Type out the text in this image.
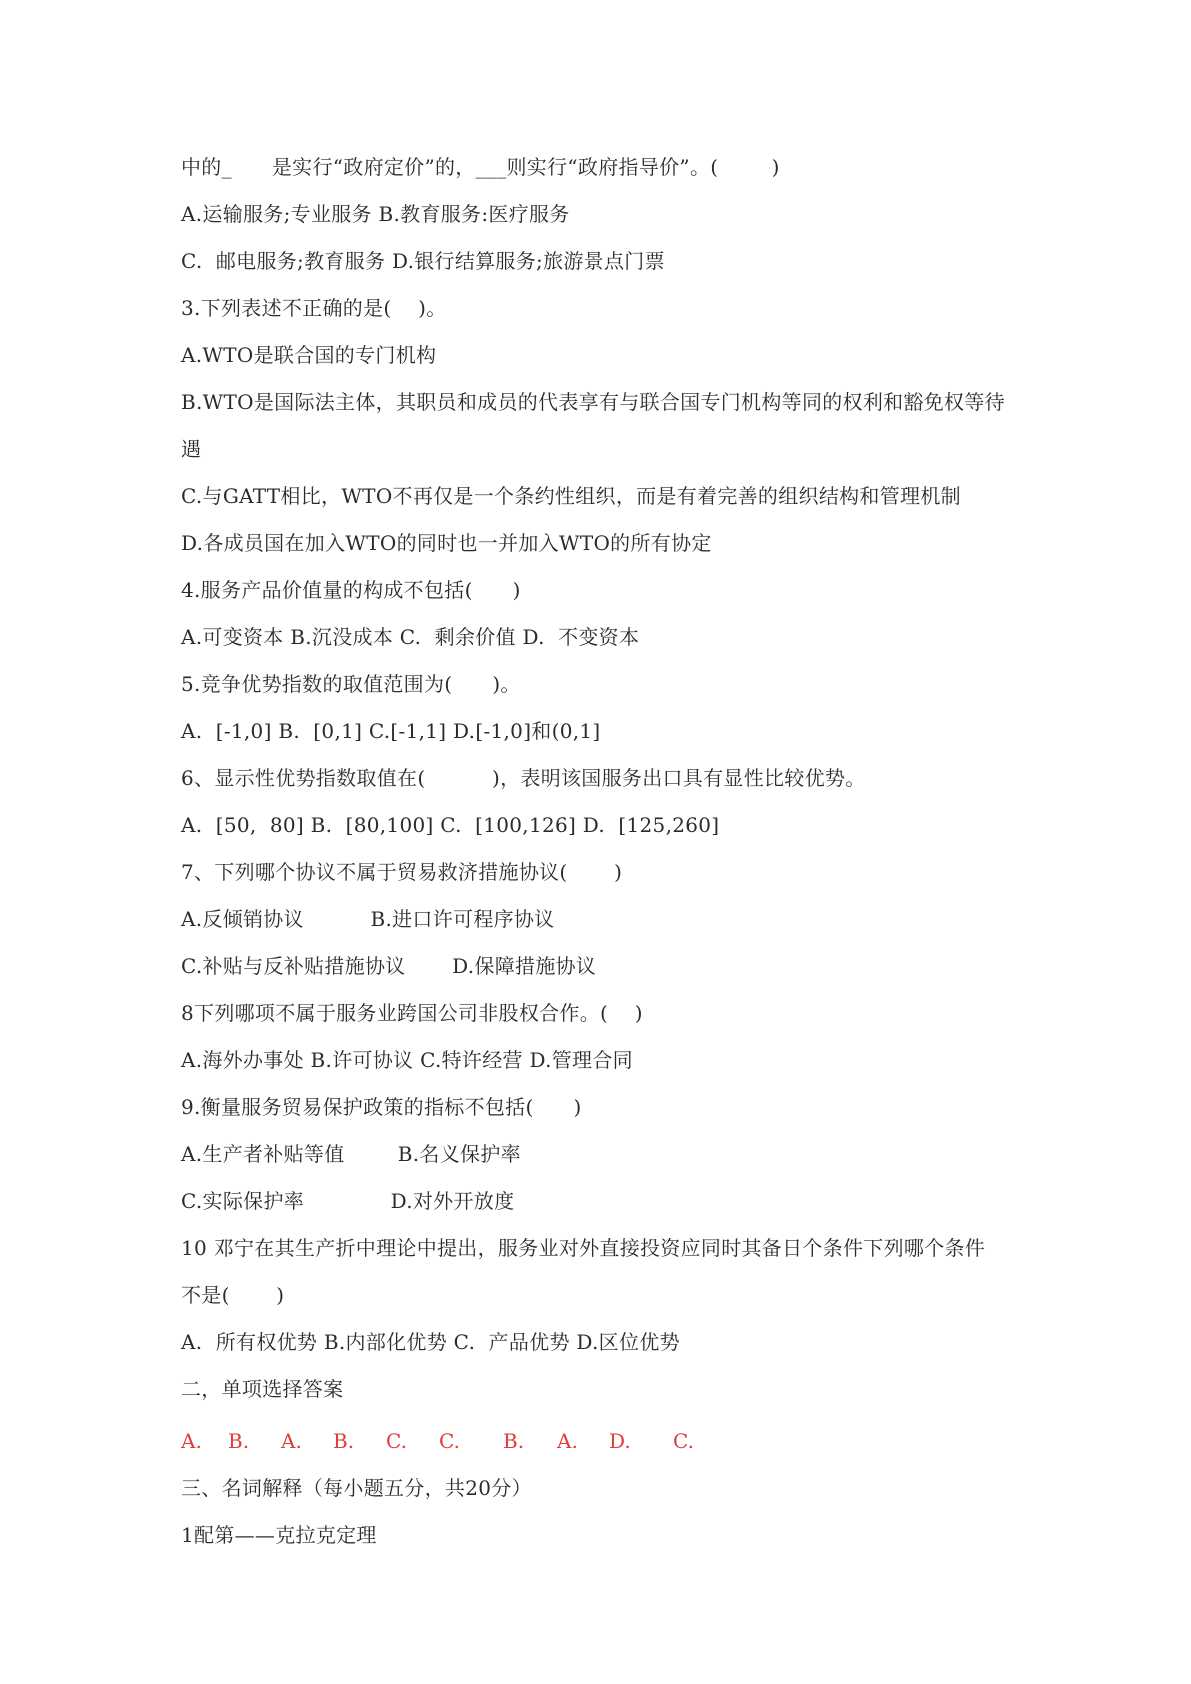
中的_      是实行“政府定价”的，___则实行“政府指导价”。(        )

A.运输服务;专业服务 B.教育服务:医疗服务

C.  邮电服务;教育服务 D.银行结算服务;旅游景点门票

3.下列表述不正确的是(    )。

A.WTO是联合国的专门机构

B.WTO是国际法主体，其职员和成员的代表享有与联合国专门机构等同的权利和豁免权等待

遇

C.与GATT相比，WTO不再仅是一个条约性组织，而是有着完善的组织结构和管理机制

D.各成员国在加入WTO的同时也一并加入WTO的所有协定

4.服务产品价值量的构成不包括(      )

A.可变资本 B.沉没成本 C.  剩余价值 D.  不变资本

5.竞争优势指数的取值范围为(      )。

A.  [-1,0] B.  [0,1] C.[-1,1] D.[-1,0]和(0,1]

6、显示性优势指数取值在(          )，表明该国服务出口具有显性比较优势。

A.  [50,  80] B.  [80,100] C.  [100,126] D.  [125,260]

7、下列哪个协议不属于贸易救济措施协议(       )

A.反倾销协议          B.进口许可程序协议

C.补贴与反补贴措施协议       D.保障措施协议

8下列哪项不属于服务业跨国公司非股权合作。(    )

A.海外办事处 B.许可协议 C.特许经营 D.管理合同

9.衡量服务贸易保护政策的指标不包括(      )

A.生产者补贴等值        B.名义保护率

C.实际保护率             D.对外开放度

10 邓宁在其生产折中理论中提出，服务业对外直接投资应同时其备日个条件下列哪个条件

不是(       )

A.  所有权优势 B.内部化优势 C.  产品优势 D.区位优势

二，单项选择答案

A. B. A. B. C. C. B. A. D. C.

三、名词解释（每小题五分，共20分）

1配第——克拉克定理
